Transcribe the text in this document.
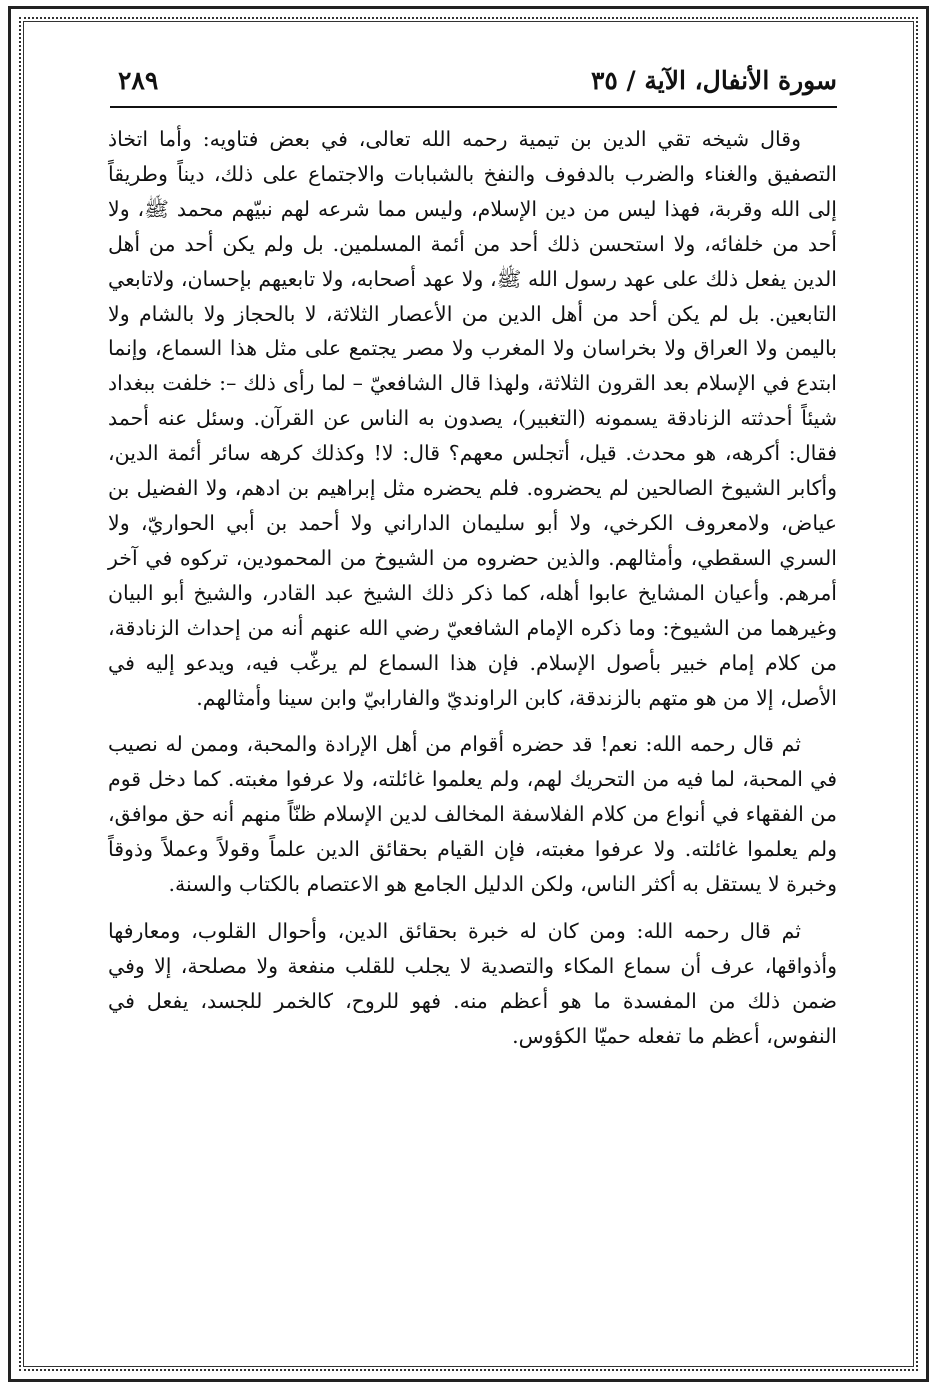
سورة الأنفال، الآية / ٣٥
٢٨٩

وقال شيخه تقي الدين بن تيمية رحمه الله تعالى، في بعض فتاويه: وأما اتخاذ التصفيق والغناء والضرب بالدفوف والنفخ بالشبابات والاجتماع على ذلك، ديناً وطريقاً إلى الله وقربة، فهذا ليس من دين الإسلام، وليس مما شرعه لهم نبيّهم محمد ﷺ، ولا أحد من خلفائه، ولا استحسن ذلك أحد من أئمة المسلمين. بل ولم يكن أحد من أهل الدين يفعل ذلك على عهد رسول الله ﷺ، ولا عهد أصحابه، ولا تابعيهم بإحسان، ولاتابعي التابعين. بل لم يكن أحد من أهل الدين من الأعصار الثلاثة، لا بالحجاز ولا بالشام ولا باليمن ولا العراق ولا بخراسان ولا المغرب ولا مصر يجتمع على مثل هذا السماع، وإنما ابتدع في الإسلام بعد القرون الثلاثة، ولهذا قال الشافعيّ – لما رأى ذلك –: خلفت ببغداد شيئاً أحدثته الزنادقة يسمونه (التغبير)، يصدون به الناس عن القرآن. وسئل عنه أحمد فقال: أكرهه، هو محدث. قيل، أتجلس معهم؟ قال: لا! وكذلك كرهه سائر أئمة الدين، وأكابر الشيوخ الصالحين لم يحضروه. فلم يحضره مثل إبراهيم بن ادهم، ولا الفضيل بن عياض، ولامعروف الكرخي، ولا أبو سليمان الداراني ولا أحمد بن أبي الحواريّ، ولا السري السقطي، وأمثالهم. والذين حضروه من الشيوخ من المحمودين، تركوه في آخر أمرهم. وأعيان المشايخ عابوا أهله، كما ذكر ذلك الشيخ عبد القادر، والشيخ أبو البيان وغيرهما من الشيوخ: وما ذكره الإمام الشافعيّ رضي الله عنهم أنه من إحداث الزنادقة، من كلام إمام خبير بأصول الإسلام. فإن هذا السماع لم يرغّب فيه، ويدعو إليه في الأصل، إلا من هو متهم بالزندقة، كابن الراونديّ والفارابيّ وابن سينا وأمثالهم.

ثم قال رحمه الله: نعم! قد حضره أقوام من أهل الإرادة والمحبة، وممن له نصيب في المحبة، لما فيه من التحريك لهم، ولم يعلموا غائلته، ولا عرفوا مغبته. كما دخل قوم من الفقهاء في أنواع من كلام الفلاسفة المخالف لدين الإسلام ظنّاً منهم أنه حق موافق، ولم يعلموا غائلته. ولا عرفوا مغبته، فإن القيام بحقائق الدين علماً وقولاً وعملاً وذوقاً وخبرة لا يستقل به أكثر الناس، ولكن الدليل الجامع هو الاعتصام بالكتاب والسنة.

ثم قال رحمه الله: ومن كان له خبرة بحقائق الدين، وأحوال القلوب، ومعارفها وأذواقها، عرف أن سماع المكاء والتصدية لا يجلب للقلب منفعة ولا مصلحة، إلا وفي ضمن ذلك من المفسدة ما هو أعظم منه. فهو للروح، كالخمر للجسد، يفعل في النفوس، أعظم ما تفعله حميّا الكؤوس.
